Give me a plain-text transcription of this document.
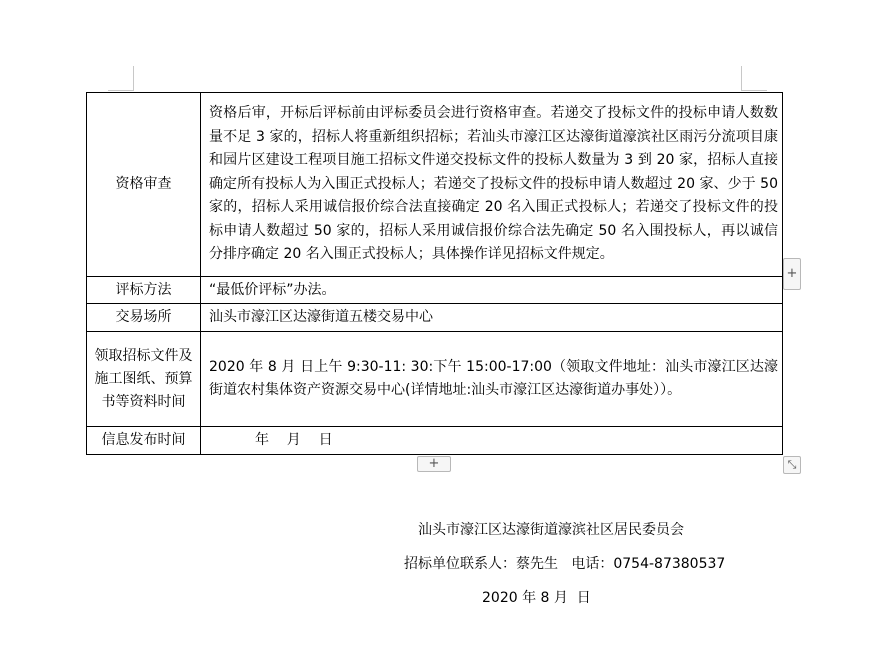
资格审查	资格后审，开标后评标前由评标委员会进行资格审查。若递交了投标文件的投标申请人数数量不足 3 家的，招标人将重新组织招标；若汕头市濠江区达濠街道濠滨社区雨污分流项目康和园片区建设工程项目施工招标文件递交投标文件的投标人数量为 3 到 20 家，招标人直接确定所有投标人为入围正式投标人；若递交了投标文件的投标申请人数超过 20 家、少于 50 家的，招标人采用诚信报价综合法直接确定 20 名入围正式投标人；若递交了投标文件的投标申请人数超过 50 家的，招标人采用诚信报价综合法先确定 50 名入围投标人，再以诚信分排序确定 20 名入围正式投标人；具体操作详见招标文件规定。
评标方法	“最低价评标”办法。
交易场所	汕头市濠江区达濠街道五楼交易中心
领取招标文件及施工图纸、预算书等资料时间	2020 年 8 月 日上午 9:30-11: 30:下午 15:00-17:00（领取文件地址：汕头市濠江区达濠街道农村集体资产资源交易中心(详情地址:汕头市濠江区达濠街道办事处））。
信息发布时间	年    月    日
+
+	⤡
汕头市濠江区达濠街道濠滨社区居民委员会
招标单位联系人：蔡先生   电话：0754-87380537
2020 年 8 月  日
